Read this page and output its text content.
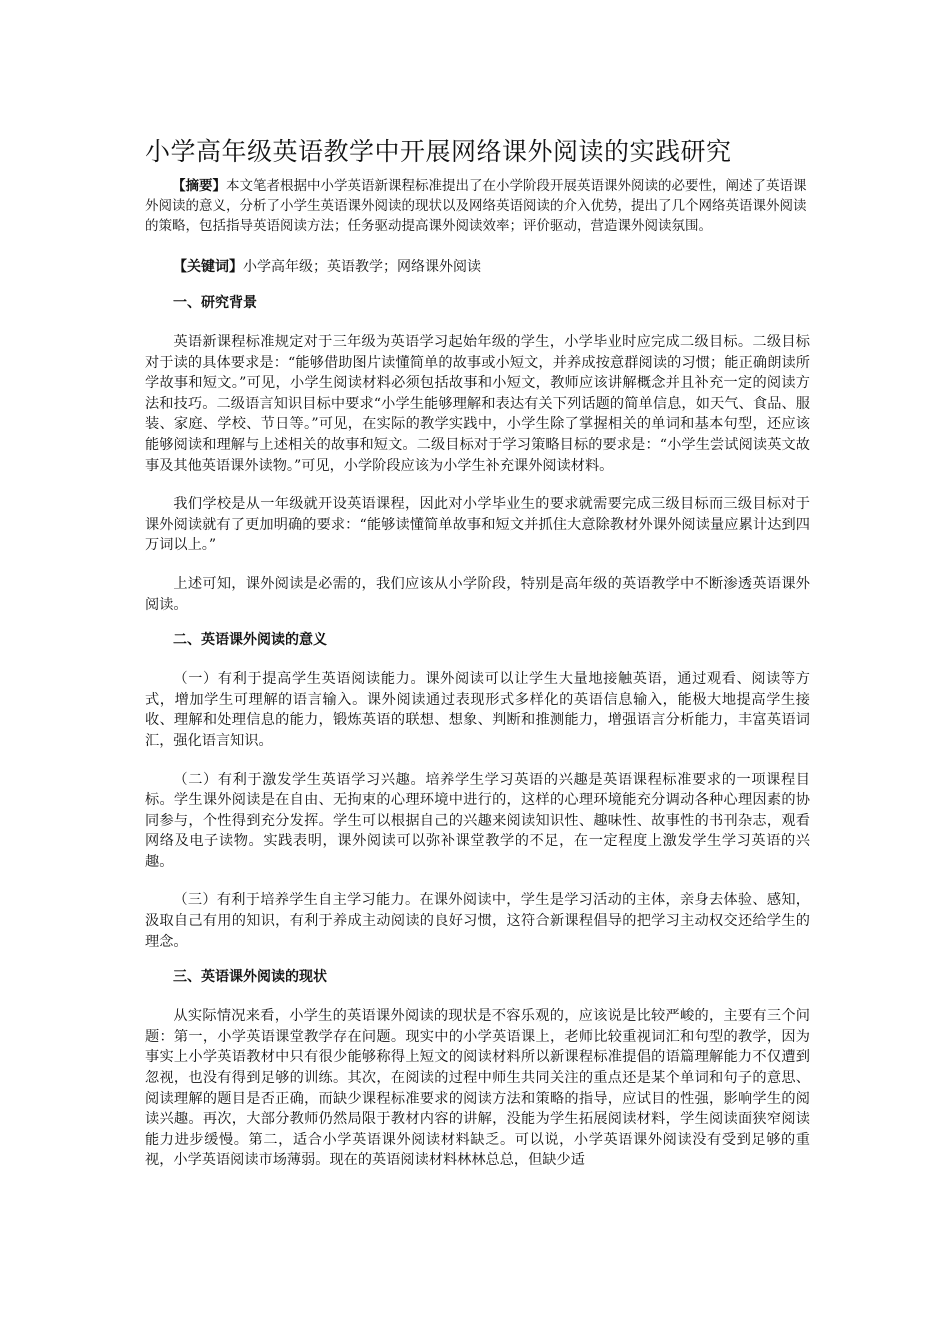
小学高年级英语教学中开展网络课外阅读的实践研究

【摘要】本文笔者根据中小学英语新课程标准提出了在小学阶段开展英语课外阅读的必要性，阐述了英语课外阅读的意义，分析了小学生英语课外阅读的现状以及网络英语阅读的介入优势，提出了几个网络英语课外阅读的策略，包括指导英语阅读方法；任务驱动提高课外阅读效率；评价驱动，营造课外阅读氛围。

【关键词】小学高年级；英语教学；网络课外阅读

一、研究背景

英语新课程标准规定对于三年级为英语学习起始年级的学生，小学毕业时应完成二级目标。二级目标对于读的具体要求是：“能够借助图片读懂简单的故事或小短文，并养成按意群阅读的习惯；能正确朗读所学故事和短文。”可见，小学生阅读材料必须包括故事和小短文，教师应该讲解概念并且补充一定的阅读方法和技巧。二级语言知识目标中要求“小学生能够理解和表达有关下列话题的简单信息，如天气、食品、服装、家庭、学校、节日等。”可见，在实际的教学实践中，小学生除了掌握相关的单词和基本句型，还应该能够阅读和理解与上述相关的故事和短文。二级目标对于学习策略目标的要求是：“小学生尝试阅读英文故事及其他英语课外读物。”可见，小学阶段应该为小学生补充课外阅读材料。

我们学校是从一年级就开设英语课程，因此对小学毕业生的要求就需要完成三级目标而三级目标对于课外阅读就有了更加明确的要求：“能够读懂简单故事和短文并抓住大意除教材外课外阅读量应累计达到四万词以上。”

上述可知，课外阅读是必需的，我们应该从小学阶段，特别是高年级的英语教学中不断渗透英语课外阅读。

二、英语课外阅读的意义

（一）有利于提高学生英语阅读能力。课外阅读可以让学生大量地接触英语，通过观看、阅读等方式，增加学生可理解的语言输入。课外阅读通过表现形式多样化的英语信息输入，能极大地提高学生接收、理解和处理信息的能力，锻炼英语的联想、想象、判断和推测能力，增强语言分析能力，丰富英语词汇，强化语言知识。

（二）有利于激发学生英语学习兴趣。培养学生学习英语的兴趣是英语课程标准要求的一项课程目标。学生课外阅读是在自由、无拘束的心理环境中进行的，这样的心理环境能充分调动各种心理因素的协同参与，个性得到充分发挥。学生可以根据自己的兴趣来阅读知识性、趣味性、故事性的书刊杂志，观看网络及电子读物。实践表明，课外阅读可以弥补课堂教学的不足，在一定程度上激发学生学习英语的兴趣。

（三）有利于培养学生自主学习能力。在课外阅读中，学生是学习活动的主体，亲身去体验、感知，汲取自己有用的知识，有利于养成主动阅读的良好习惯，这符合新课程倡导的把学习主动权交还给学生的理念。

三、英语课外阅读的现状

从实际情况来看，小学生的英语课外阅读的现状是不容乐观的，应该说是比较严峻的，主要有三个问题：第一，小学英语课堂教学存在问题。现实中的小学英语课上，老师比较重视词汇和句型的教学，因为事实上小学英语教材中只有很少能够称得上短文的阅读材料所以新课程标准提倡的语篇理解能力不仅遭到忽视，也没有得到足够的训练。其次，在阅读的过程中师生共同关注的重点还是某个单词和句子的意思、阅读理解的题目是否正确，而缺少课程标准要求的阅读方法和策略的指导，应试目的性强，影响学生的阅读兴趣。再次，大部分教师仍然局限于教材内容的讲解，没能为学生拓展阅读材料，学生阅读面狭窄阅读能力进步缓慢。第二，适合小学英语课外阅读材料缺乏。可以说，小学英语课外阅读没有受到足够的重视，小学英语阅读市场薄弱。现在的英语阅读材料林林总总，但缺少适
